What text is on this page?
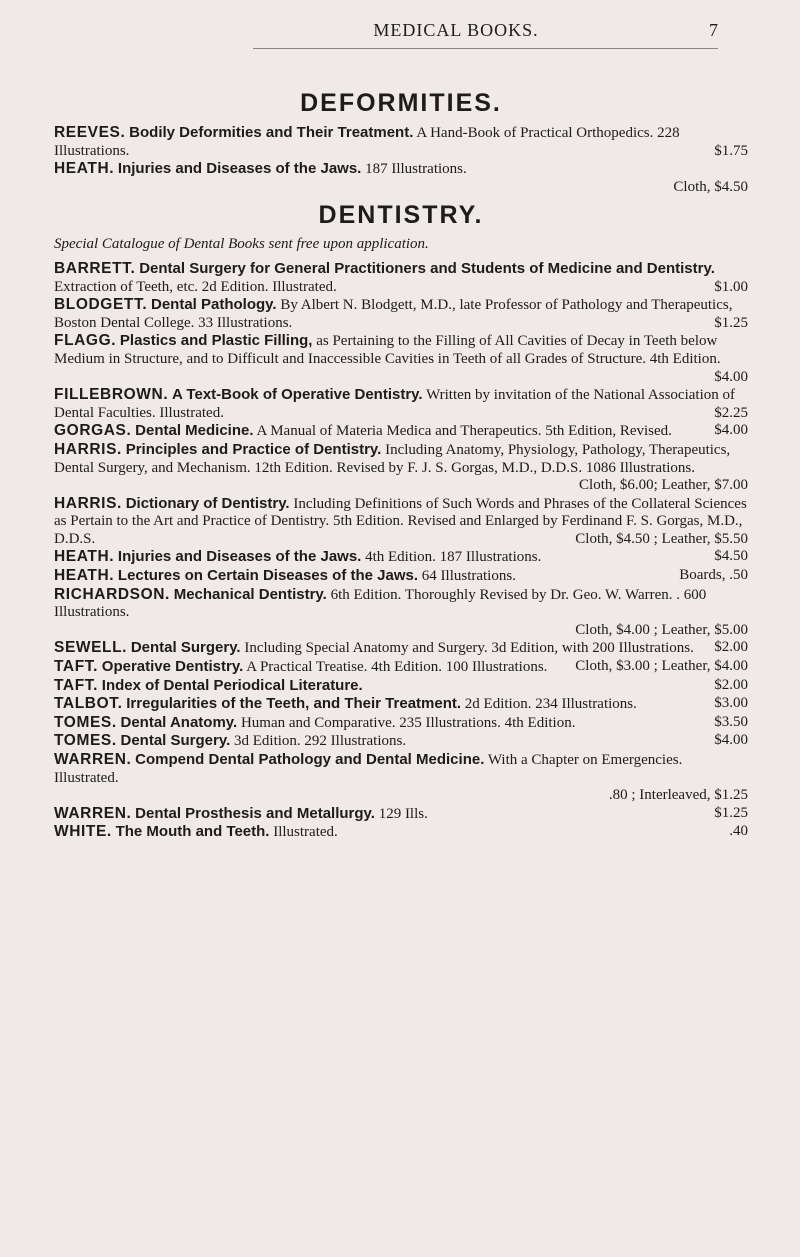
MEDICAL BOOKS.	7
DEFORMITIES.
REEVES. Bodily Deformities and Their Treatment. A Hand-Book of Practical Orthopedics. 228 Illustrations.	$1.75
HEATH. Injuries and Diseases of the Jaws. 187 Illustrations.
Cloth, $4.50
DENTISTRY.
Special Catalogue of Dental Books sent free upon application.
BARRETT. Dental Surgery for General Practitioners and Students of Medicine and Dentistry. Extraction of Teeth, etc. 2d Edition. Illustrated.	$1.00
BLODGETT. Dental Pathology. By Albert N. Blodgett, M.D., late Professor of Pathology and Therapeutics, Boston Dental College. 33 Illustrations.	$1.25
FLAGG. Plastics and Plastic Filling, as Pertaining to the Filling of All Cavities of Decay in Teeth below Medium in Structure, and to Difficult and Inaccessible Cavities in Teeth of all Grades of Structure. 4th Edition.
$4.00
FILLEBROWN. A Text-Book of Operative Dentistry. Written by invitation of the National Association of Dental Faculties. Illustrated.	$2.25
GORGAS. Dental Medicine. A Manual of Materia Medica and Therapeutics. 5th Edition, Revised.	$4.00
HARRIS. Principles and Practice of Dentistry. Including Anatomy, Physiology, Pathology, Therapeutics, Dental Surgery, and Mechanism. 12th Edition. Revised by F. J. S. Gorgas, M.D., D.D.S. 1086 Illustrations.
Cloth, $6.00; Leather, $7.00
HARRIS. Dictionary of Dentistry. Including Definitions of Such Words and Phrases of the Collateral Sciences as Pertain to the Art and Practice of Dentistry. 5th Edition. Revised and Enlarged by Ferdinand F. S. Gorgas, M.D., D.D.S.	Cloth, $4.50 ; Leather, $5.50
HEATH. Injuries and Diseases of the Jaws. 4th Edition. 187 Illustrations.	$4.50
HEATH. Lectures on Certain Diseases of the Jaws. 64 Illustrations.	Boards, .50
RICHARDSON. Mechanical Dentistry. 6th Edition. Thoroughly Revised by Dr. Geo. W. Warren. . 600 Illustrations.
Cloth, $4.00 ; Leather, $5.00
SEWELL. Dental Surgery. Including Special Anatomy and Surgery. 3d Edition, with 200 Illustrations. $2.00
TAFT. Operative Dentistry. A Practical Treatise. 4th Edition. 100 Illustrations. Cloth, $3.00 ; Leather, $4.00
TAFT. Index of Dental Periodical Literature.	$2.00
TALBOT. Irregularities of the Teeth, and Their Treatment. 2d Edition. 234 Illustrations.	$3.00
TOMES. Dental Anatomy. Human and Comparative. 235 Illustrations. 4th Edition.	$3.50
TOMES. Dental Surgery. 3d Edition. 292 Illustrations.	$4.00
WARREN. Compend Dental Pathology and Dental Medicine. With a Chapter on Emergencies. Illustrated.
.80 ; Interleaved, $1.25
WARREN. Dental Prosthesis and Metallurgy. 129 Ills.	$1.25
WHITE. The Mouth and Teeth. Illustrated.	.40
